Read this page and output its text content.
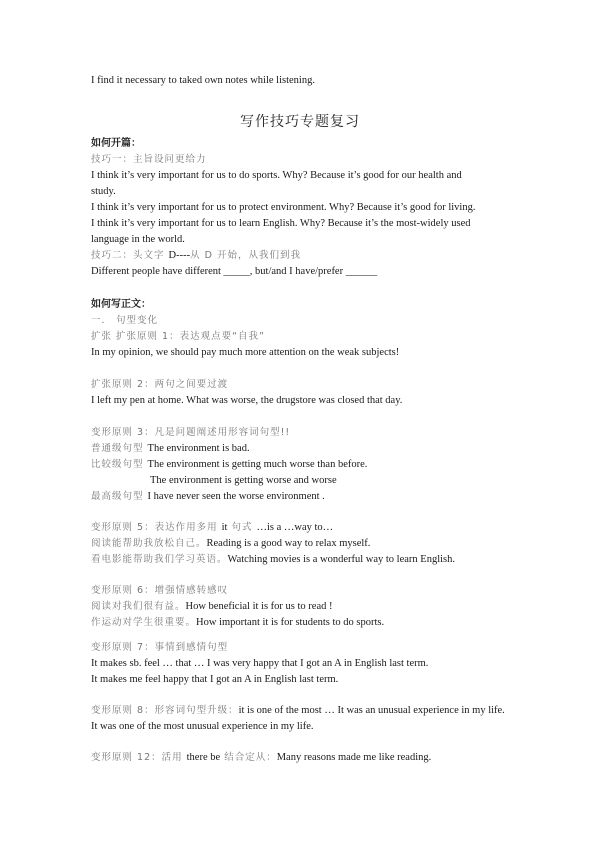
I find it necessary to taked own notes while listening.
写作技巧专题复习
如何开篇：
技巧一：主旨设问更给力
I think it’s very important for us to do sports. Why? Because it’s good for our health and
study.
I think it’s very important for us to protect environment. Why? Because it’s good for living.
I think it’s very important for us to learn English. Why? Because it’s the most-widely used
language in the world.
技巧二：头文字 D----从 D 开始，从我们到我
Different people have different _____, but/and I have/prefer ______
如何写正文：
一． 句型变化
扩张 扩张原则 1：表达观点要“自我”
In my opinion, we should pay much more attention on the weak subjects!
扩张原则 2：两句之间要过渡
I left my pen at home. What was worse, the drugstore was closed that day.
变形原则 3：凡是问题阐述用形容词句型!!
普通级句型 The environment is bad.
比较级句型 The environment is getting much worse than before.
The environment is getting worse and worse
最高级句型 I have never seen the worse environment .
变形原则 5：表达作用多用 it 句式 …is a …way to…
阅读能帮助我放松自己。Reading is a good way to relax myself.
看电影能帮助我们学习英语。Watching movies is a wonderful way to learn English.
变形原则 6：增强情感转感叹
阅读对我们很有益。How beneficial it is for us to read !
作运动对学生很重要。How important it is for students to do sports.
变形原则 7：事情到感情句型
It makes sb. feel … that … I was very happy that I got an A in English last term.
It makes me feel happy that I got an A in English last term.
变形原则 8：形容词句型升级：it is one of the most … It was an unusual experience in my life.
It was one of the most unusual experience in my life.
变形原则 12：活用 there be 结合定从：Many reasons made me like reading.
